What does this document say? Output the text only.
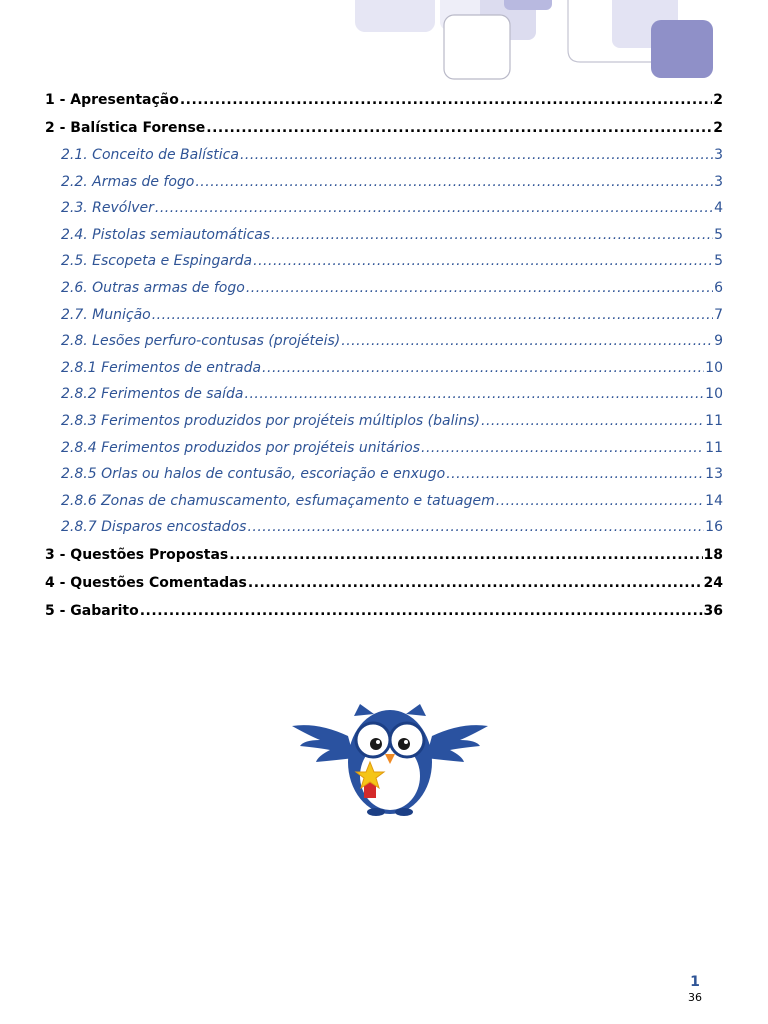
1 - Apresentação .....	2
2 - Balística Forense .....	2
2.1. Conceito de Balística .....	3
2.2. Armas de fogo .....	3
2.3. Revólver .....	4
2.4. Pistolas semiautomáticas .....	5
2.5. Escopeta e Espingarda .....	5
2.6. Outras armas de fogo .....	6
2.7. Munição .....	7
2.8. Lesões perfuro-contusas (projéteis) .....	9
2.8.1 Ferimentos de entrada .....	10
2.8.2 Ferimentos de saída .....	10
2.8.3 Ferimentos produzidos por projéteis múltiplos (balins) .....	11
2.8.4 Ferimentos produzidos por projéteis unitários .....	11
2.8.5 Orlas ou halos de contusão, escoriação e enxugo .....	13
2.8.6 Zonas de chamuscamento, esfumaçamento e tatuagem .....	14
2.8.7 Disparos encostados .....	16
3 - Questões Propostas .....	18
4 - Questões Comentadas .....	24
5 - Gabarito .....	36
1
36
